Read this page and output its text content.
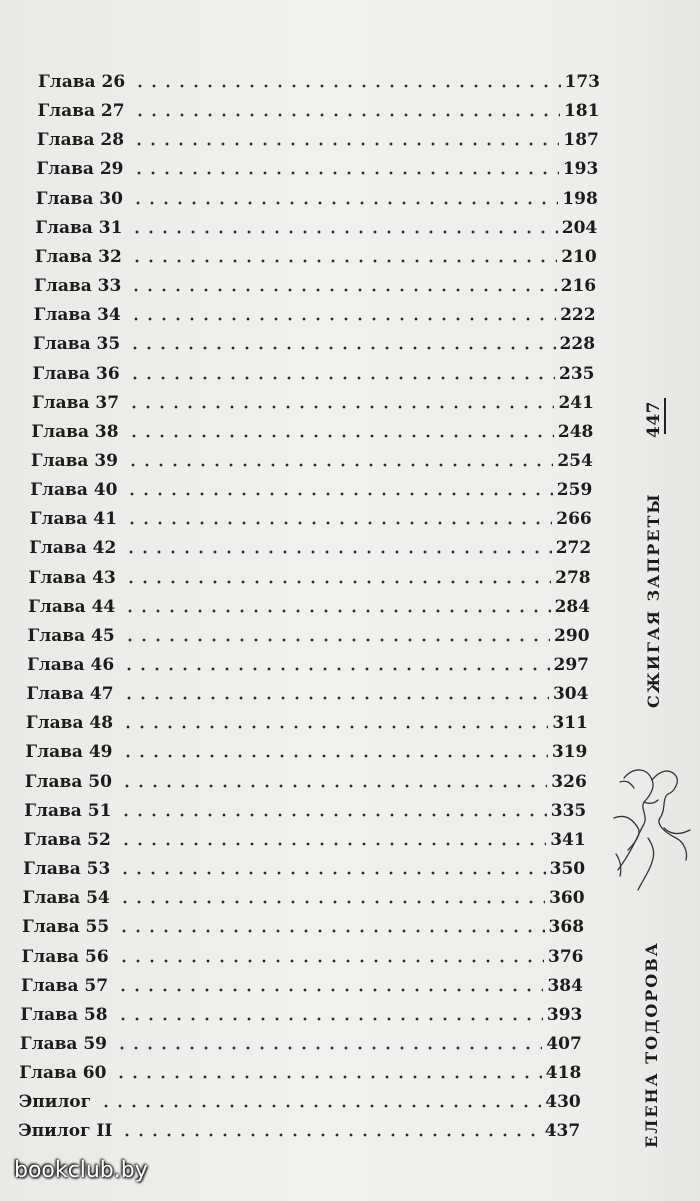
Глава 26	173
Глава 27	181
Глава 28	187
Глава 29	193
Глава 30	198
Глава 31	204
Глава 32	210
Глава 33	216
Глава 34	222
Глава 35	228
Глава 36	235
Глава 37	241
Глава 38	248
Глава 39	254
Глава 40	259
Глава 41	266
Глава 42	272
Глава 43	278
Глава 44	284
Глава 45	290
Глава 46	297
Глава 47	304
Глава 48	311
Глава 49	319
Глава 50	326
Глава 51	335
Глава 52	341
Глава 53	350
Глава 54	360
Глава 55	368
Глава 56	376
Глава 57	384
Глава 58	393
Глава 59	407
Глава 60	418
Эпилог	430
Эпилог II	437
447
СЖИГАЯ ЗАПРЕТЫ
ЕЛЕНА ТОДОРОВА
bookclub.by
